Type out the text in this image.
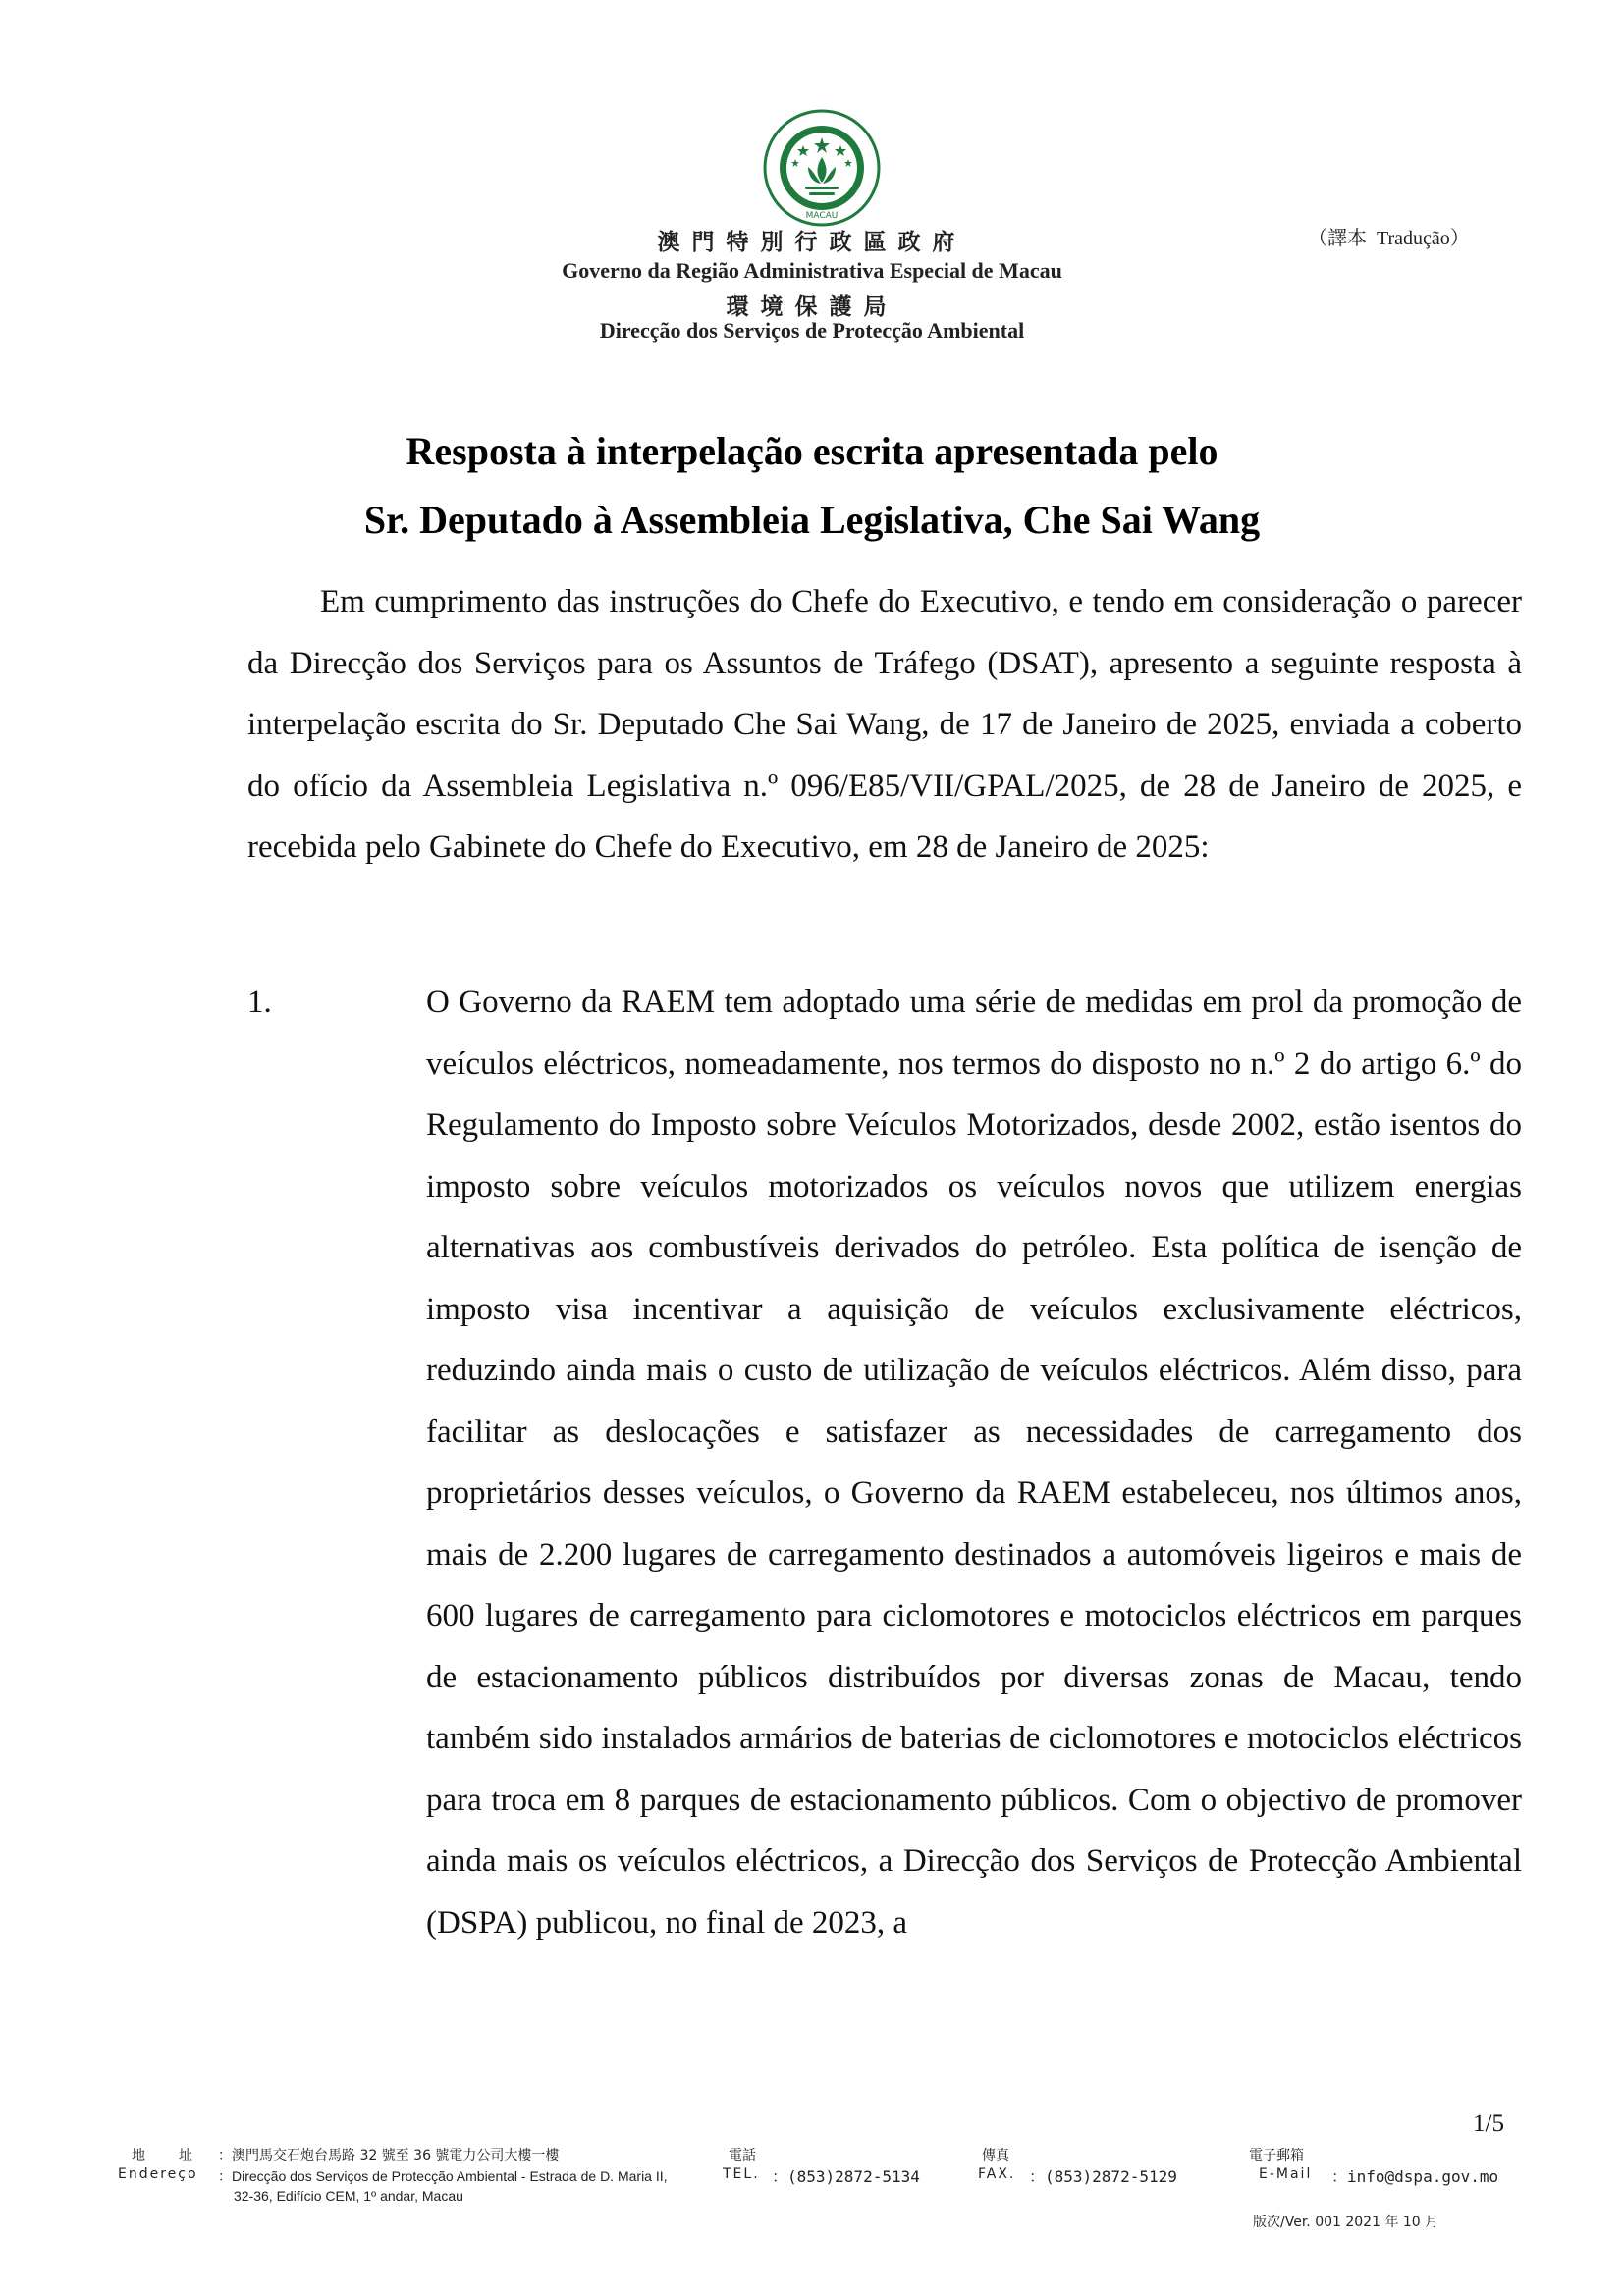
MACAU
澳門特別行政區政府
Governo da Região Administrativa Especial de Macau
環境保護局
Direcção dos Serviços de Protecção Ambiental
（譯本  Tradução）
Resposta à interpelação escrita apresentada pelo
Sr. Deputado à Assembleia Legislativa, Che Sai Wang

Em cumprimento das instruções do Chefe do Executivo, e tendo em consideração o parecer da Direcção dos Serviços para os Assuntos de Tráfego (DSAT), apresento a seguinte resposta à interpelação escrita do Sr. Deputado Che Sai Wang, de 17 de Janeiro de 2025, enviada a coberto do ofício da Assembleia Legislativa n.º 096/E85/VII/GPAL/2025, de 28 de Janeiro de 2025, e recebida pelo Gabinete do Chefe do Executivo, em 28 de Janeiro de 2025:

1.	O Governo da RAEM tem adoptado uma série de medidas em prol da promoção de veículos eléctricos, nomeadamente, nos termos do disposto no n.º 2 do artigo 6.º do Regulamento do Imposto sobre Veículos Motorizados, desde 2002, estão isentos do imposto sobre veículos motorizados os veículos novos que utilizem energias alternativas aos combustíveis derivados do petróleo. Esta política de isenção de imposto visa incentivar a aquisição de veículos exclusivamente eléctricos, reduzindo ainda mais o custo de utilização de veículos eléctricos. Além disso, para facilitar as deslocações e satisfazer as necessidades de carregamento dos proprietários desses veículos, o Governo da RAEM estabeleceu, nos últimos anos, mais de 2.200 lugares de carregamento destinados a automóveis ligeiros e mais de 600 lugares de carregamento para ciclomotores e motociclos eléctricos em parques de estacionamento públicos distribuídos por diversas zonas de Macau, tendo também sido instalados armários de baterias de ciclomotores e motociclos eléctricos para troca em 8 parques de estacionamento públicos. Com o objectivo de promover ainda mais os veículos eléctricos, a Direcção dos Serviços de Protecção Ambiental (DSPA) publicou, no final de 2023, a

1/5
地　　址
Endereço
：澳門馬交石炮台馬路 32 號至 36 號電力公司大樓一樓
：Direcção dos Serviços de Protecção Ambiental - Estrada de D. Maria II,
32-36, Edifício CEM, 1º andar, Macau
電話
TEL. ：(853)2872-5134
傳真
FAX. ：(853)2872-5129
電子郵箱
E-Mail ：info@dspa.gov.mo
版次/Ver. 001 2021 年 10 月
